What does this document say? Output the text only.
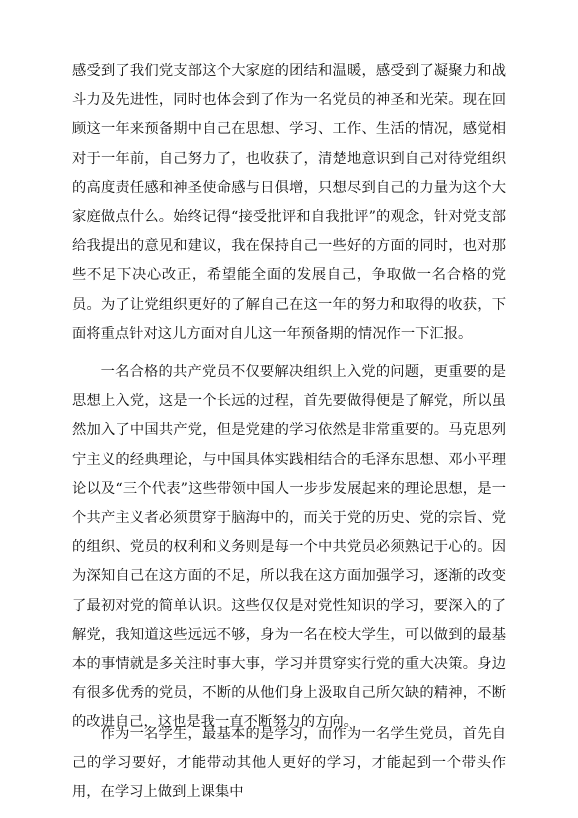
感受到了我们党支部这个大家庭的团结和温暖，感受到了凝聚力和战斗力及先进性，同时也体会到了作为一名党员的神圣和光荣。现在回顾这一年来预备期中自己在思想、学习、工作、生活的情况，感觉相对于一年前，自己努力了，也收获了，清楚地意识到自己对待党组织的高度责任感和神圣使命感与日俱增，只想尽到自己的力量为这个大家庭做点什么。始终记得“接受批评和自我批评”的观念，针对党支部给我提出的意见和建议，我在保持自己一些好的方面的同时，也对那些不足下决心改正，希望能全面的发展自己，争取做一名合格的党员。为了让党组织更好的了解自己在这一年的努力和取得的收获，下面将重点针对这儿方面对自儿这一年预备期的情况作一下汇报。

一名合格的共产党员不仅要解决组织上入党的问题，更重要的是思想上入党，这是一个长远的过程，首先要做得便是了解党，所以虽然加入了中国共产党，但是党建的学习依然是非常重要的。马克思列宁主义的经典理论，与中国具体实践相结合的毛泽东思想、邓小平理论以及“三个代表”这些带领中国人一步步发展起来的理论思想，是一个共产主义者必须贯穿于脑海中的，而关于党的历史、党的宗旨、党的组织、党员的权利和义务则是每一个中共党员必须熟记于心的。因为深知自己在这方面的不足，所以我在这方面加强学习，逐渐的改变了最初对党的简单认识。这些仅仅是对党性知识的学习，要深入的了解党，我知道这些远远不够，身为一名在校大学生，可以做到的最基本的事情就是多关注时事大事，学习并贯穿实行党的重大决策。身边有很多优秀的党员，不断的从他们身上汲取自己所欠缺的精神，不断的改进自己，这也是我一直不断努力的方向。

作为一名学生，最基本的是学习，而作为一名学生党员，首先自己的学习要好，才能带动其他人更好的学习，才能起到一个带头作用，在学习上做到上课集中
